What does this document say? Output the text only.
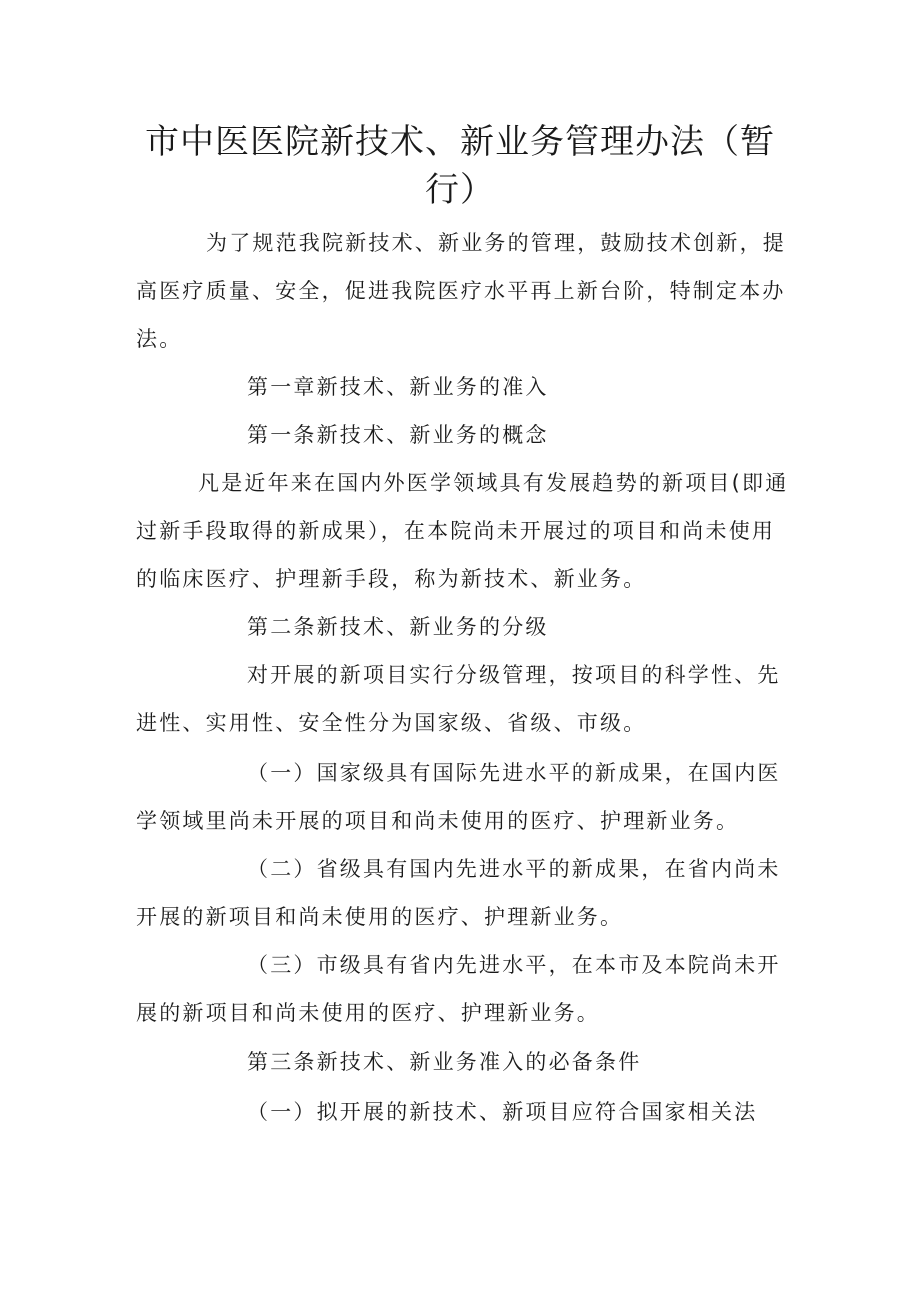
市中医医院新技术、新业务管理办法（暂行）
为了规范我院新技术、新业务的管理，鼓励技术创新，提
高医疗质量、安全，促进我院医疗水平再上新台阶，特制定本办
法。
第一章新技术、新业务的准入
第一条新技术、新业务的概念
凡是近年来在国内外医学领域具有发展趋势的新项目(即通
过新手段取得的新成果），在本院尚未开展过的项目和尚未使用
的临床医疗、护理新手段，称为新技术、新业务。
第二条新技术、新业务的分级
对开展的新项目实行分级管理，按项目的科学性、先
进性、实用性、安全性分为国家级、省级、市级。
（一）国家级具有国际先进水平的新成果，在国内医
学领域里尚未开展的项目和尚未使用的医疗、护理新业务。
（二）省级具有国内先进水平的新成果，在省内尚未
开展的新项目和尚未使用的医疗、护理新业务。
（三）市级具有省内先进水平，在本市及本院尚未开
展的新项目和尚未使用的医疗、护理新业务。
第三条新技术、新业务准入的必备条件
（一）拟开展的新技术、新项目应符合国家相关法
